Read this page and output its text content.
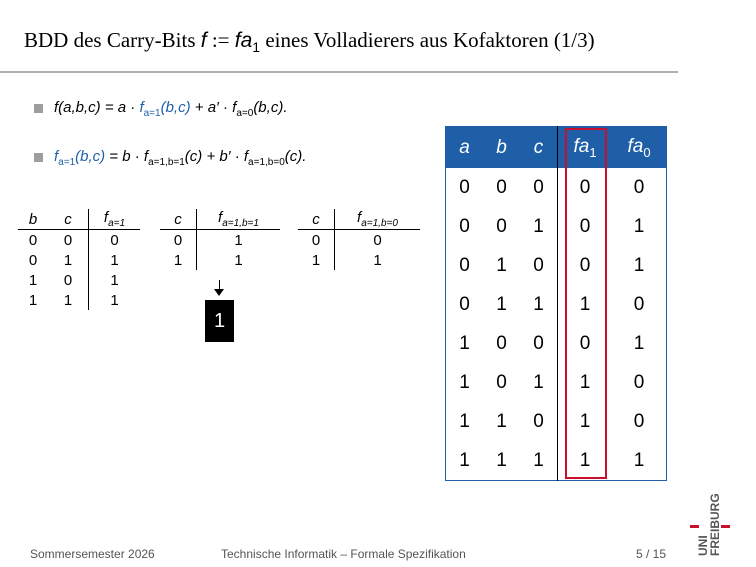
BDD des Carry-Bits f := $fa_1$ eines Volladierers aus Kofaktoren (1/3)
$f(a,b,c) = a \cdot f_{a=1}(b,c) + a' \cdot f_{a=0}(b,c)$.
$f_{a=1}(b,c) = b \cdot f_{a=1,b=1}(c) + b' \cdot f_{a=1,b=0}(c)$.
b	c	$f_{a=1}$
0	0	0
0	1	1
1	0	1
1	1	1
c	$f_{a=1,b=1}$
0	1
1	1
c	$f_{a=1,b=0}$
0	0
1	1
1
a	b	c	$fa_1$	$fa_0$
0	0	0	0	0
0	0	1	0	1
0	1	0	0	1
0	1	1	1	0
1	0	0	0	1
1	0	1	1	0
1	1	0	1	0
1	1	1	1	1
Sommersemester 2026	Technische Informatik – Formale Spezifikation	5 / 15 UNI
FREIBURG
